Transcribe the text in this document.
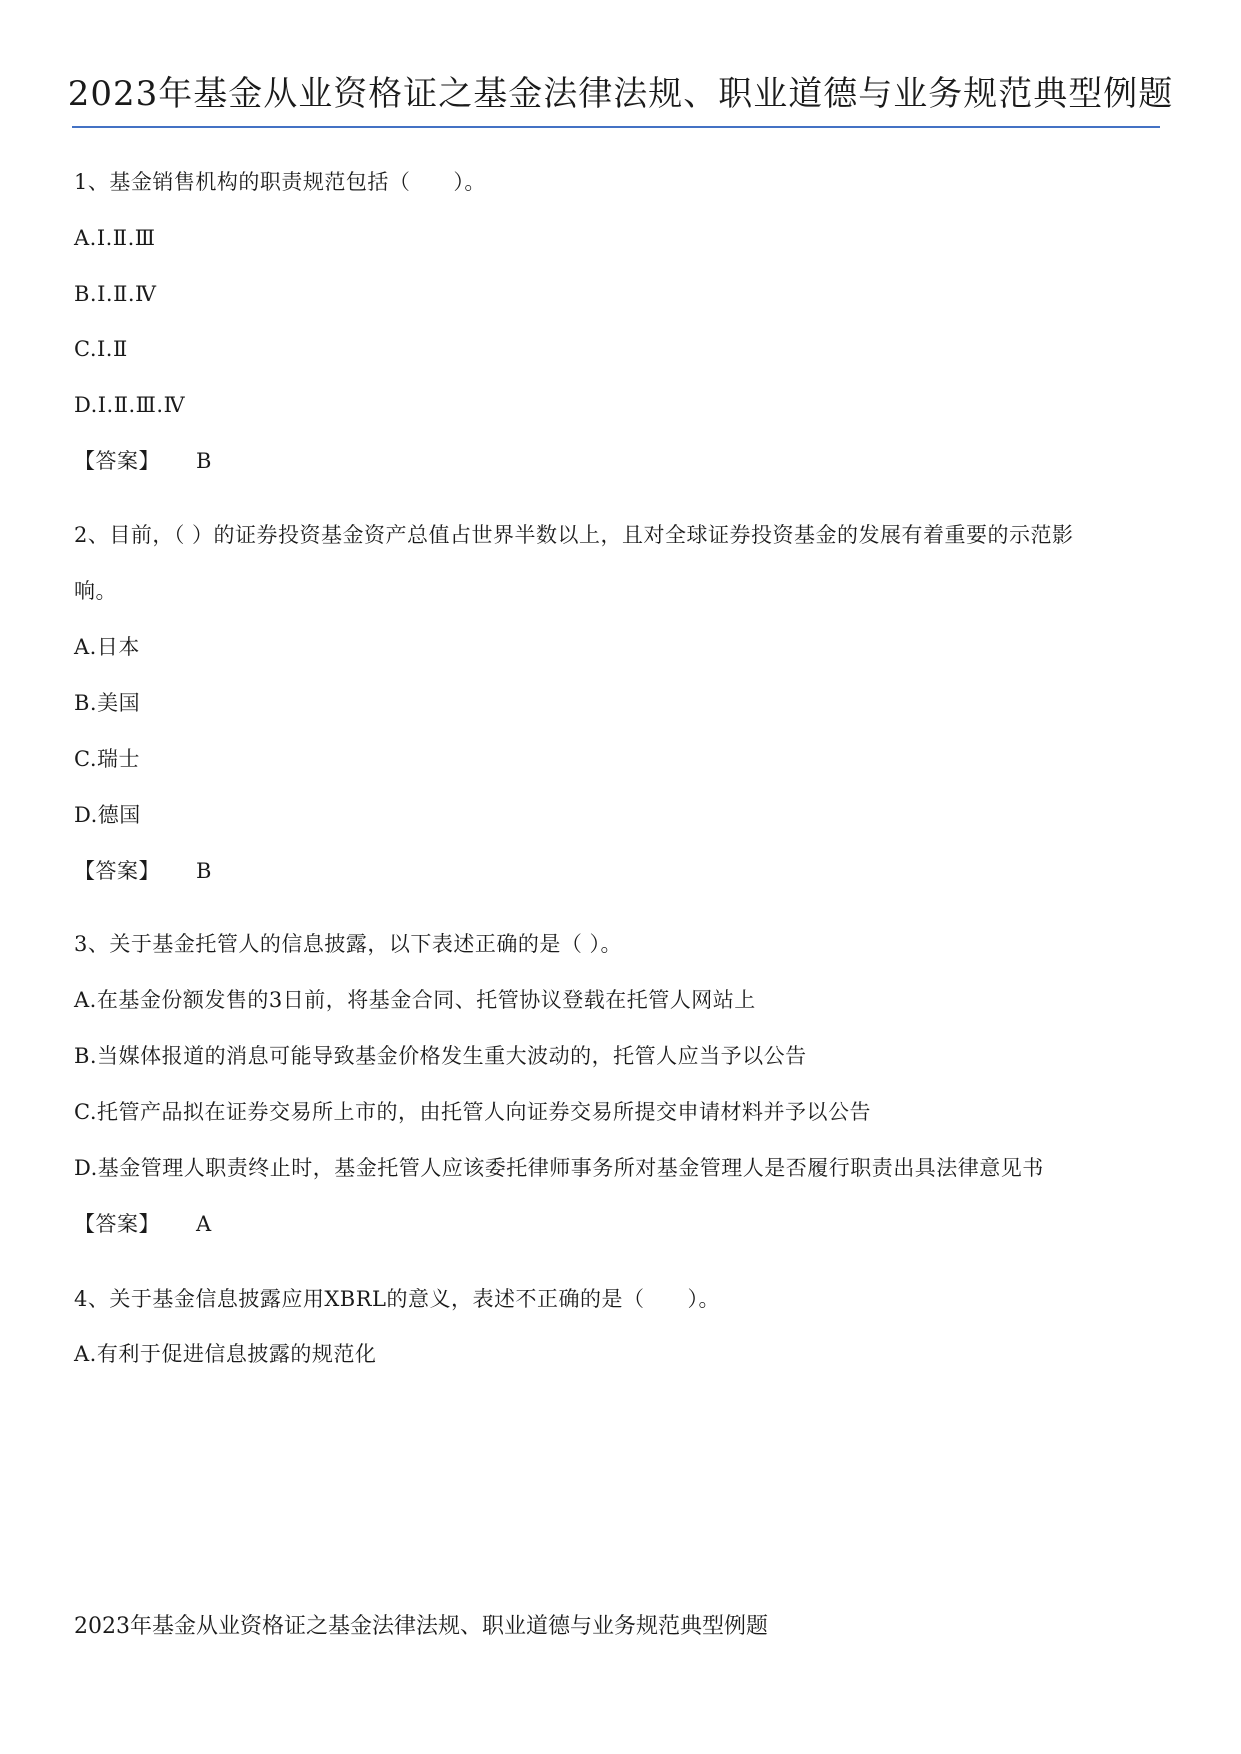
2023年基金从业资格证之基金法律法规、职业道德与业务规范典型例题
1、基金销售机构的职责规范包括（　　）。
A.Ⅰ.Ⅱ.Ⅲ
B.Ⅰ.Ⅱ.Ⅳ
C.Ⅰ.Ⅱ
D.Ⅰ.Ⅱ.Ⅲ.Ⅳ
【答案】 B
2、目前，（ ）的证券投资基金资产总值占世界半数以上，且对全球证券投资基金的发展有着重要的示范影
响。
A.日本
B.美国
C.瑞士
D.德国
【答案】 B
3、关于基金托管人的信息披露，以下表述正确的是（ ）。
A.在基金份额发售的3日前，将基金合同、托管协议登载在托管人网站上
B.当媒体报道的消息可能导致基金价格发生重大波动的，托管人应当予以公告
C.托管产品拟在证券交易所上市的，由托管人向证券交易所提交申请材料并予以公告
D.基金管理人职责终止时，基金托管人应该委托律师事务所对基金管理人是否履行职责出具法律意见书
【答案】 A
4、关于基金信息披露应用XBRL的意义，表述不正确的是（　　）。
A.有利于促进信息披露的规范化
2023年基金从业资格证之基金法律法规、职业道德与业务规范典型例题
